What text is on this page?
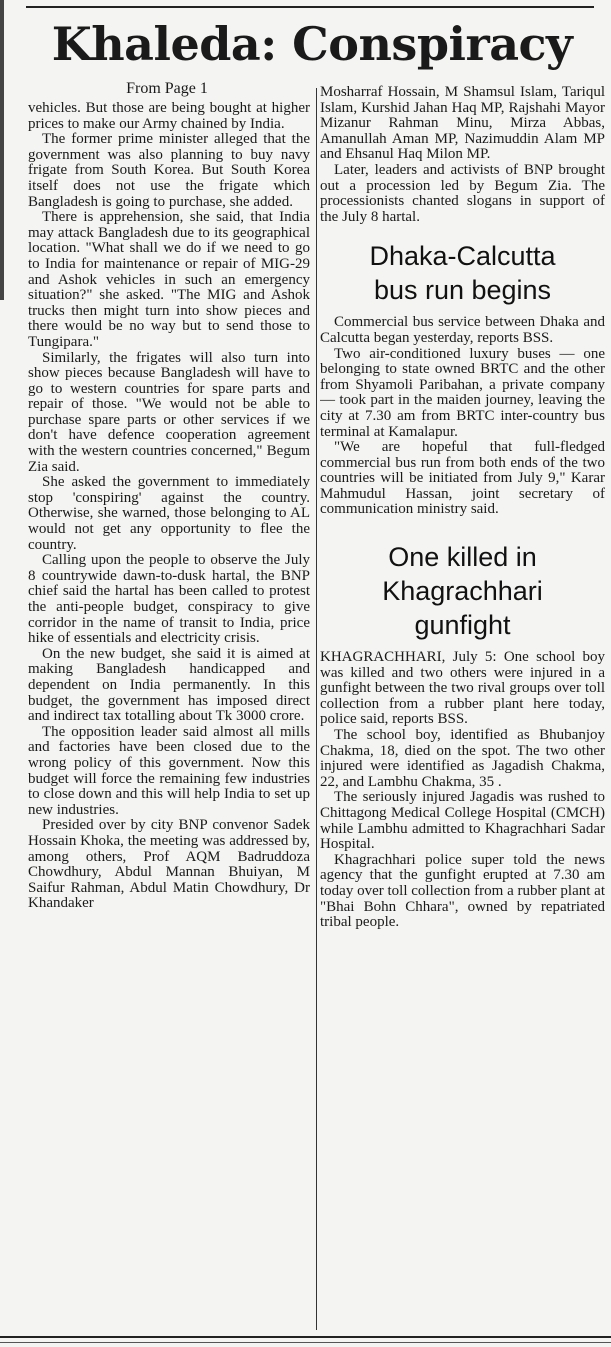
Khaleda: Conspiracy
From Page 1

vehicles. But those are being bought at higher prices to make our Army chained by India.

The former prime minister alleged that the government was also planning to buy navy frigate from South Korea. But South Korea itself does not use the frigate which Bangladesh is going to purchase, she added.

There is apprehension, she said, that India may attack Bangladesh due to its geographical location. "What shall we do if we need to go to India for maintenance or repair of MIG-29 and Ashok vehicles in such an emergency situation?" she asked. "The MIG and Ashok trucks then might turn into show pieces and there would be no way but to send those to Tungipara."

Similarly, the frigates will also turn into show pieces because Bangladesh will have to go to western countries for spare parts and repair of those. "We would not be able to purchase spare parts or other services if we don't have defence cooperation agreement with the western countries concerned," Begum Zia said.

She asked the government to immediately stop 'conspiring' against the country. Otherwise, she warned, those belonging to AL would not get any opportunity to flee the country.

Calling upon the people to observe the July 8 countrywide dawn-to-dusk hartal, the BNP chief said the hartal has been called to protest the anti-people budget, conspiracy to give corridor in the name of transit to India, price hike of essentials and electricity crisis.

On the new budget, she said it is aimed at making Bangladesh handicapped and dependent on India permanently. In this budget, the government has imposed direct and indirect tax totalling about Tk 3000 crore.

The opposition leader said almost all mills and factories have been closed due to the wrong policy of this government. Now this budget will force the remaining few industries to close down and this will help India to set up new industries.

Presided over by city BNP convenor Sadek Hossain Khoka, the meeting was addressed by, among others, Prof AQM Badruddoza Chowdhury, Abdul Mannan Bhuiyan, M Saifur Rahman, Abdul Matin Chowdhury, Dr Khandaker

Mosharraf Hossain, M Shamsul Islam, Tariqul Islam, Kurshid Jahan Haq MP, Rajshahi Mayor Mizanur Rahman Minu, Mirza Abbas, Amanullah Aman MP, Nazimuddin Alam MP and Ehsanul Haq Milon MP.

Later, leaders and activists of BNP brought out a procession led by Begum Zia. The processionists chanted slogans in support of the July 8 hartal.

Dhaka-Calcutta
bus run begins

Commercial bus service between Dhaka and Calcutta began yesterday, reports BSS.

Two air-conditioned luxury buses — one belonging to state owned BRTC and the other from Shyamoli Paribahan, a private company — took part in the maiden journey, leaving the city at 7.30 am from BRTC inter-country bus terminal at Kamalapur.

"We are hopeful that full-fledged commercial bus run from both ends of the two countries will be initiated from July 9," Karar Mahmudul Hassan, joint secretary of communication ministry said.

One killed in
Khagrachhari
gunfight

KHAGRACHHARI, July 5: One school boy was killed and two others were injured in a gunfight between the two rival groups over toll collection from a rubber plant here today, police said, reports BSS.

The school boy, identified as Bhubanjoy Chakma, 18, died on the spot. The two other injured were identified as Jagadish Chakma, 22, and Lambhu Chakma, 35 .

The seriously injured Jagadis was rushed to Chittagong Medical College Hospital (CMCH) while Lambhu admitted to Khagrachhari Sadar Hospital.

Khagrachhari police super told the news agency that the gunfight erupted at 7.30 am today over toll collection from a rubber plant at "Bhai Bohn Chhara", owned by repatriated tribal people.
